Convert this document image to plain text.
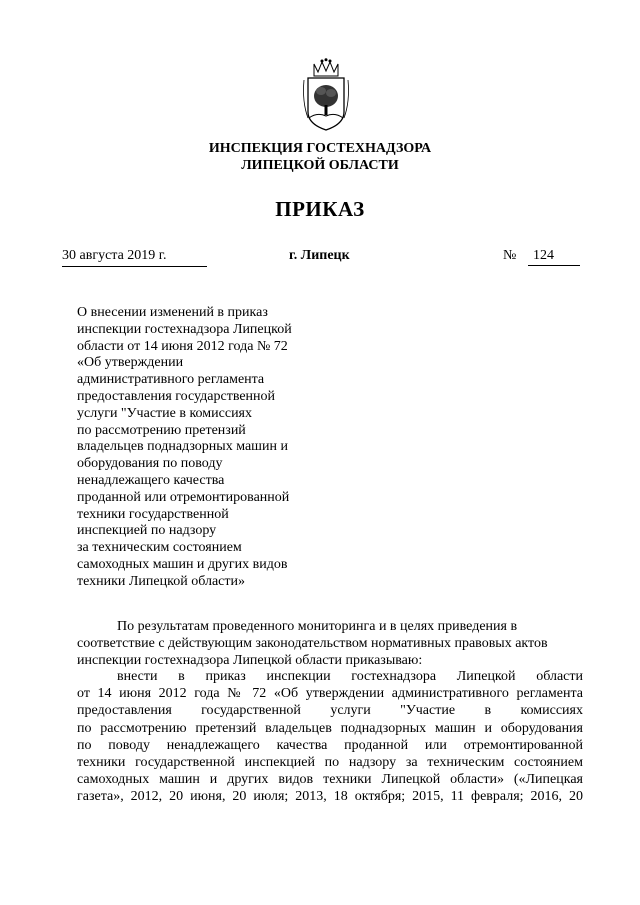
ИНСПЕКЦИЯ ГОСТЕХНАДЗОРА
ЛИПЕЦКОЙ ОБЛАСТИ
ПРИКАЗ
30 августа 2019 г.	г. Липецк	№	124
О внесении изменений в приказ
инспекции гостехнадзора Липецкой
области от 14 июня 2012 года № 72
«Об утверждении
административного регламента
предоставления государственной
услуги "Участие в комиссиях
по рассмотрению претензий
владельцев поднадзорных машин и
оборудования по поводу
ненадлежащего качества
проданной или отремонтированной
техники государственной
инспекцией по надзору
за техническим состоянием
самоходных машин и других видов
техники Липецкой области»
По результатам проведенного мониторинга и в целях приведения в
соответствие с действующим законодательством нормативных правовых актов
инспекции гостехнадзора Липецкой области приказываю:
внести в приказ инспекции гостехнадзора Липецкой области
от 14 июня 2012 года № 72 «Об утверждении административного регламента
предоставления государственной услуги "Участие в комиссиях
по рассмотрению претензий владельцев поднадзорных машин и оборудования
по поводу ненадлежащего качества проданной или отремонтированной
техники государственной инспекцией по надзору за техническим состоянием
самоходных машин и других видов техники Липецкой области» («Липецкая
газета», 2012, 20 июня, 20 июля; 2013, 18 октября; 2015, 11 февраля; 2016, 20
